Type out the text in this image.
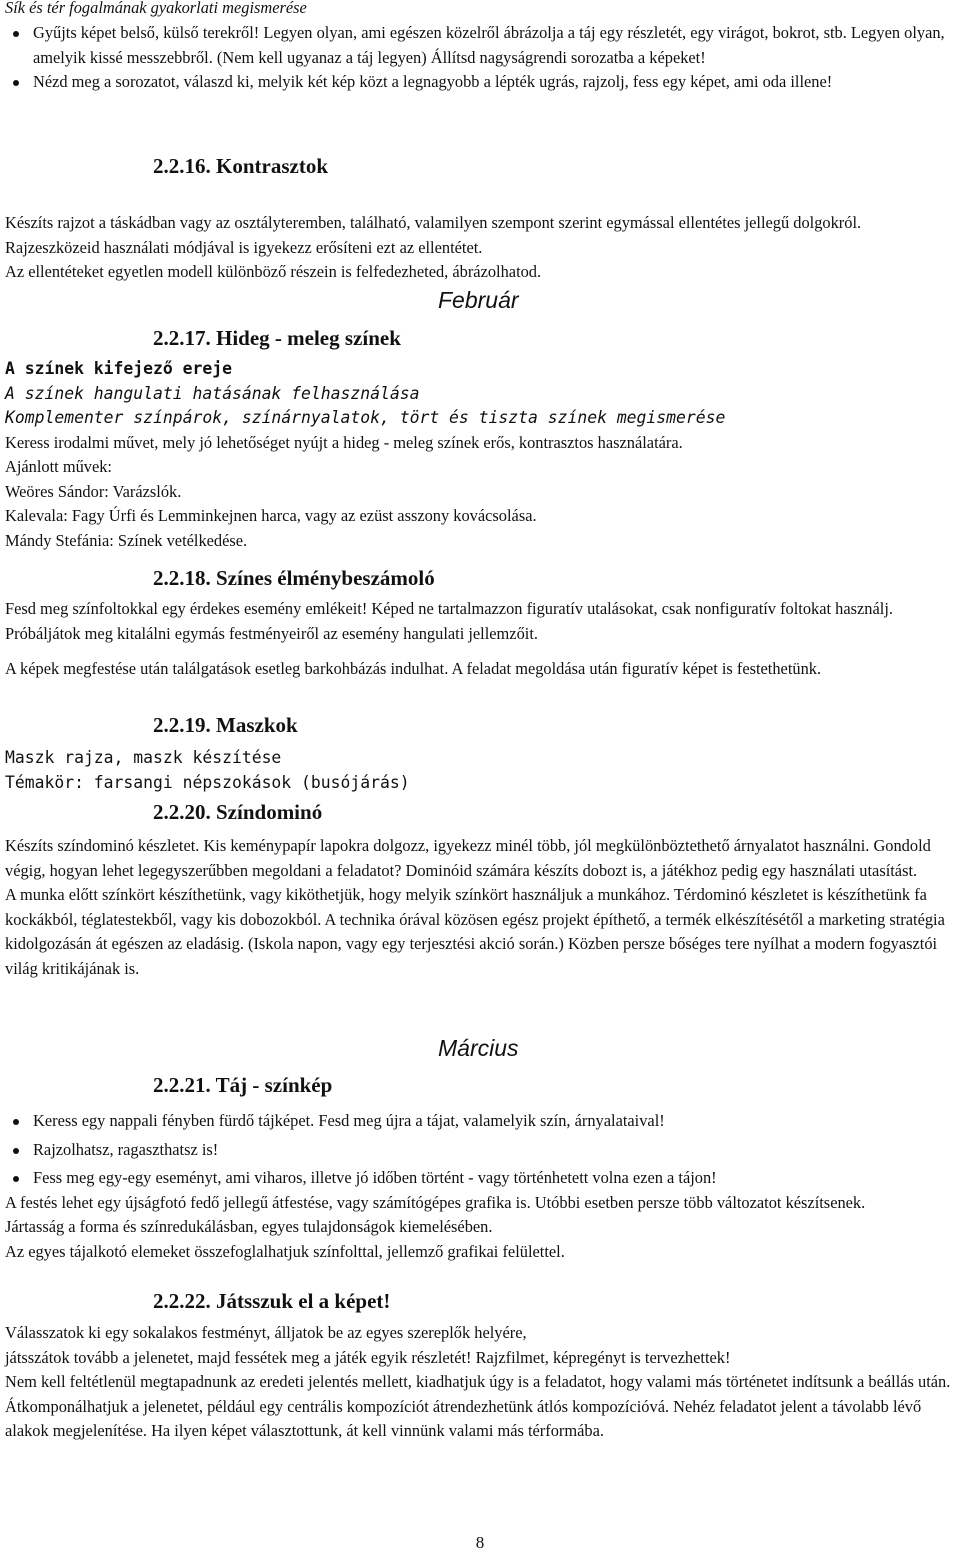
Sík és tér fogalmának gyakorlati megismerése
Gyűjts képet belső, külső terekről! Legyen olyan, ami egészen közelről ábrázolja a táj egy részletét, egy virágot, bokrot, stb. Legyen olyan, amelyik kissé messzebbről. (Nem kell ugyanaz a táj legyen) Állítsd nagyságrendi sorozatba a képeket!
Nézd meg a sorozatot, válaszd ki, melyik két kép közt a legnagyobb a lépték ugrás, rajzolj, fess egy képet, ami oda illene!
2.2.16. Kontrasztok

Készíts rajzot a táskádban vagy az osztályteremben, található, valamilyen szempont szerint egymással ellentétes jellegű dolgokról. Rajzeszközeid használati módjával is igyekezz erősíteni ezt az ellentétet.

Az ellentéteket egyetlen modell különböző részein is felfedezheted, ábrázolhatod.

Február
2.2.17. Hideg - meleg színek

A színek kifejező ereje

A színek hangulati hatásának felhasználása

Komplementer színpárok, színárnyalatok, tört és tiszta színek megismerése

Keress irodalmi művet, mely jó lehetőséget nyújt a hideg - meleg színek erős, kontrasztos használatára.

Ajánlott művek:

Weöres Sándor: Varázslók.

Kalevala: Fagy Úrfi és Lemminkejnen harca, vagy az ezüst asszony kovácsolása.

Mándy Stefánia: Színek vetélkedése.

2.2.18. Színes élménybeszámoló

Fesd meg színfoltokkal egy érdekes esemény emlékeit! Képed ne tartalmazzon figuratív utalásokat, csak nonfiguratív foltokat használj. Próbáljátok meg kitalálni egymás festményeiről az esemény hangulati jellemzőit.

A képek megfestése után találgatások esetleg barkohbázás indulhat. A feladat megoldása után figuratív képet is festethetünk.

2.2.19. Maszkok

Maszk rajza, maszk készítése

Témakör: farsangi népszokások (busójárás)

2.2.20. Színdominó

Készíts színdominó készletet. Kis keménypapír lapokra dolgozz, igyekezz minél több, jól megkülönböztethető árnyalatot használni. Gondold végig, hogyan lehet legegyszerűbben megoldani a feladatot? Dominóid számára készíts dobozt is, a játékhoz pedig egy használati utasítást.

A munka előtt színkört készíthetünk, vagy kiköthetjük, hogy melyik színkört használjuk a munkához. Térdominó készletet is készíthetünk fa kockákból, téglatestekből, vagy kis dobozokból. A technika órával közösen egész projekt építhető, a termék elkészítésétől a marketing stratégia kidolgozásán át egészen az eladásig. (Iskola napon, vagy egy terjesztési akció során.) Közben persze bőséges tere nyílhat a modern fogyasztói világ kritikájának is.

Március
2.2.21. Táj - színkép
Keress egy nappali fényben fürdő tájképet. Fesd meg újra a tájat, valamelyik szín, árnyalataival!
Rajzolhatsz, ragaszthatsz is!
Fess meg egy-egy eseményt, ami viharos, illetve jó időben történt - vagy történhetett volna ezen a tájon!

A festés lehet egy újságfotó fedő jellegű átfestése, vagy számítógépes grafika is. Utóbbi esetben persze több változatot készítsenek.

Jártasság a forma és színredukálásban, egyes tulajdonságok kiemelésében.

Az egyes tájalkotó elemeket összefoglalhatjuk színfolttal, jellemző grafikai felülettel.

2.2.22. Játsszuk el a képet!

Válasszatok ki egy sokalakos festményt, álljatok be az egyes szereplők helyére,

játsszátok tovább a jelenetet, majd fessétek meg a játék egyik részletét! Rajzfilmet, képregényt is tervezhettek!

Nem kell feltétlenül megtapadnunk az eredeti jelentés mellett, kiadhatjuk úgy is a feladatot, hogy valami más történetet indítsunk a beállás után. Átkomponálhatjuk a jelenetet, például egy centrális kompozíciót átrendezhetünk átlós kompozícióvá. Nehéz feladatot jelent a távolabb lévő alakok megjelenítése. Ha ilyen képet választottunk, át kell vinnünk valami más térformába.

8
